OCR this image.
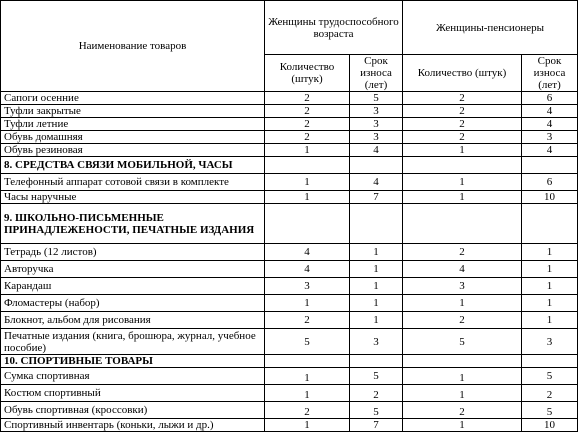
Наименование товаров	Женщины трудоспособного возраста		Женщины-пенсионеры	
	Количество (штук)	Срок износа (лет)	Количество (штук)	Срок износа (лет)
Сапоги осенние	2	5	2	6
Туфли закрытые	2	3	2	4
Туфли летние	2	3	2	4
Обувь домашняя	2	3	2	3
Обувь резиновая	1	4	1	4
8. СРЕДСТВА СВЯЗИ МОБИЛЬНОЙ, ЧАСЫ				
Телефонный аппарат сотовой связи в комплекте	1	4	1	6
Часы наручные	1	7	1	10
9. ШКОЛЬНО-ПИСЬМЕННЫЕ ПРИНАДЛЕЖЕНОСТИ, ПЕЧАТНЫЕ ИЗДАНИЯ				
Тетрадь (12 листов)	4	1	2	1
Авторучка	4	1	4	1
Карандаш	3	1	3	1
Фломастеры (набор)	1	1	1	1
Блокнот, альбом для рисования	2	1	2	1
Печатные издания (книга, брошюра, журнал, учебное пособие)	5	3	5	3
10. СПОРТИВНЫЕ ТОВАРЫ				
Сумка спортивная	1	5	1	5
Костюм спортивный	1	2	1	2
Обувь спортивная (кроссовки)	2	5	2	5
Спортивный инвентарь (коньки, лыжи и др.)	1	7	1	10
